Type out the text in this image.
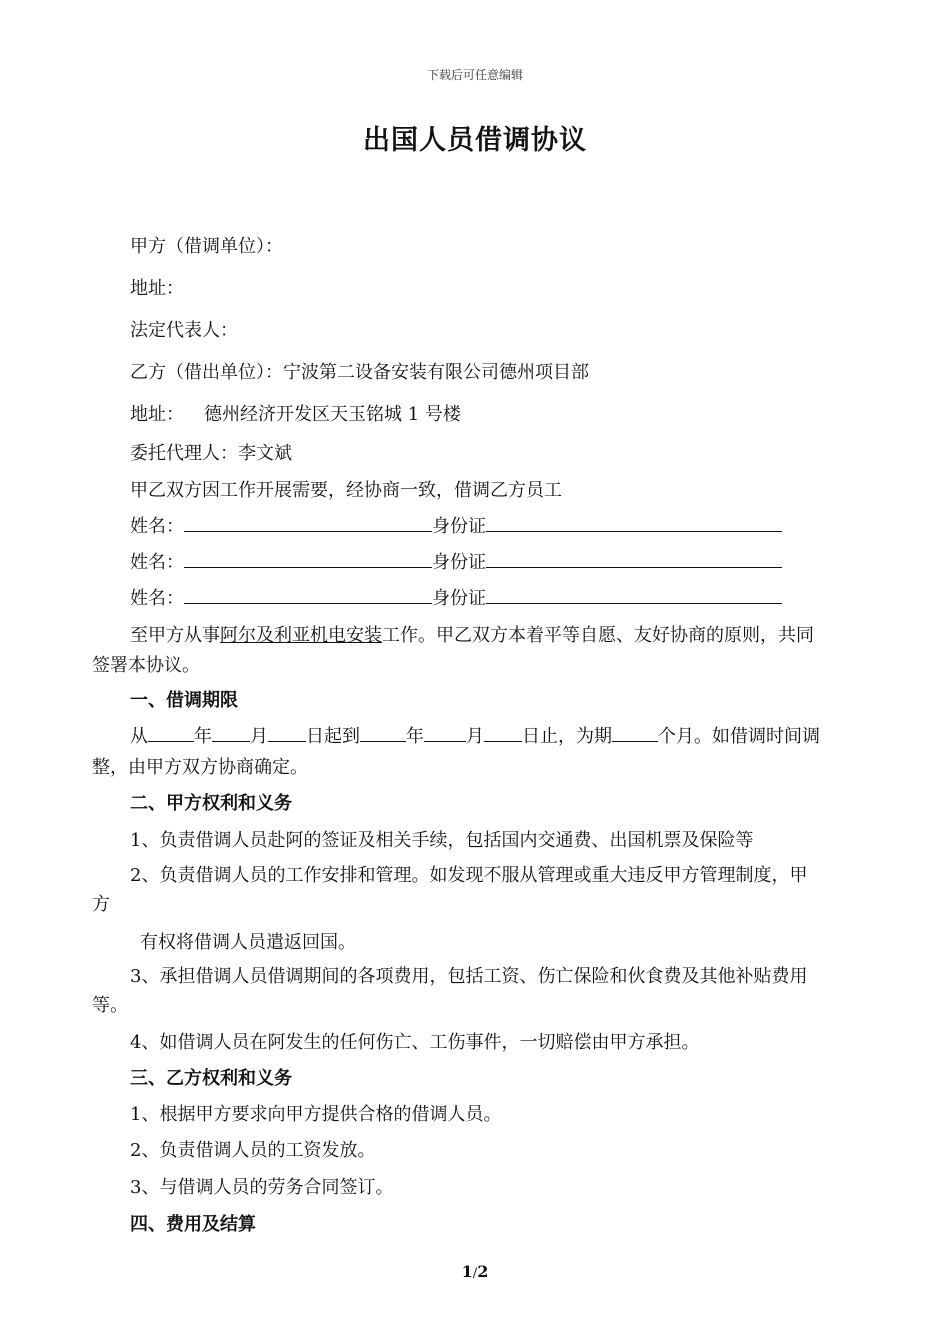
下载后可任意编辑
出国人员借调协议
甲方（借调单位）：
地址：
法定代表人：
乙方（借出单位）：宁波第二设备安装有限公司德州项目部
地址： 德州经济开发区天玉铭城 1 号楼
委托代理人：李文斌
甲乙双方因工作开展需要，经协商一致，借调乙方员工
姓名：	身份证
姓名：	身份证
姓名：	身份证
至甲方从事阿尔及利亚机电安装工作。甲乙双方本着平等自愿、友好协商的原则，共同
签署本协议。
一、借调期限
从	年 月 日起到	年 月 日止，为期	个月。如借调时间调
整，由甲方双方协商确定。
二、甲方权利和义务
1、负责借调人员赴阿的签证及相关手续，包括国内交通费、出国机票及保险等
2、负责借调人员的工作安排和管理。如发现不服从管理或重大违反甲方管理制度，甲
方
有权将借调人员遣返回国。
3、承担借调人员借调期间的各项费用，包括工资、伤亡保险和伙食费及其他补贴费用
等。
4、如借调人员在阿发生的任何伤亡、工伤事件，一切赔偿由甲方承担。
三、乙方权利和义务
1、根据甲方要求向甲方提供合格的借调人员。
2、负责借调人员的工资发放。
3、与借调人员的劳务合同签订。
四、费用及结算
1/2
